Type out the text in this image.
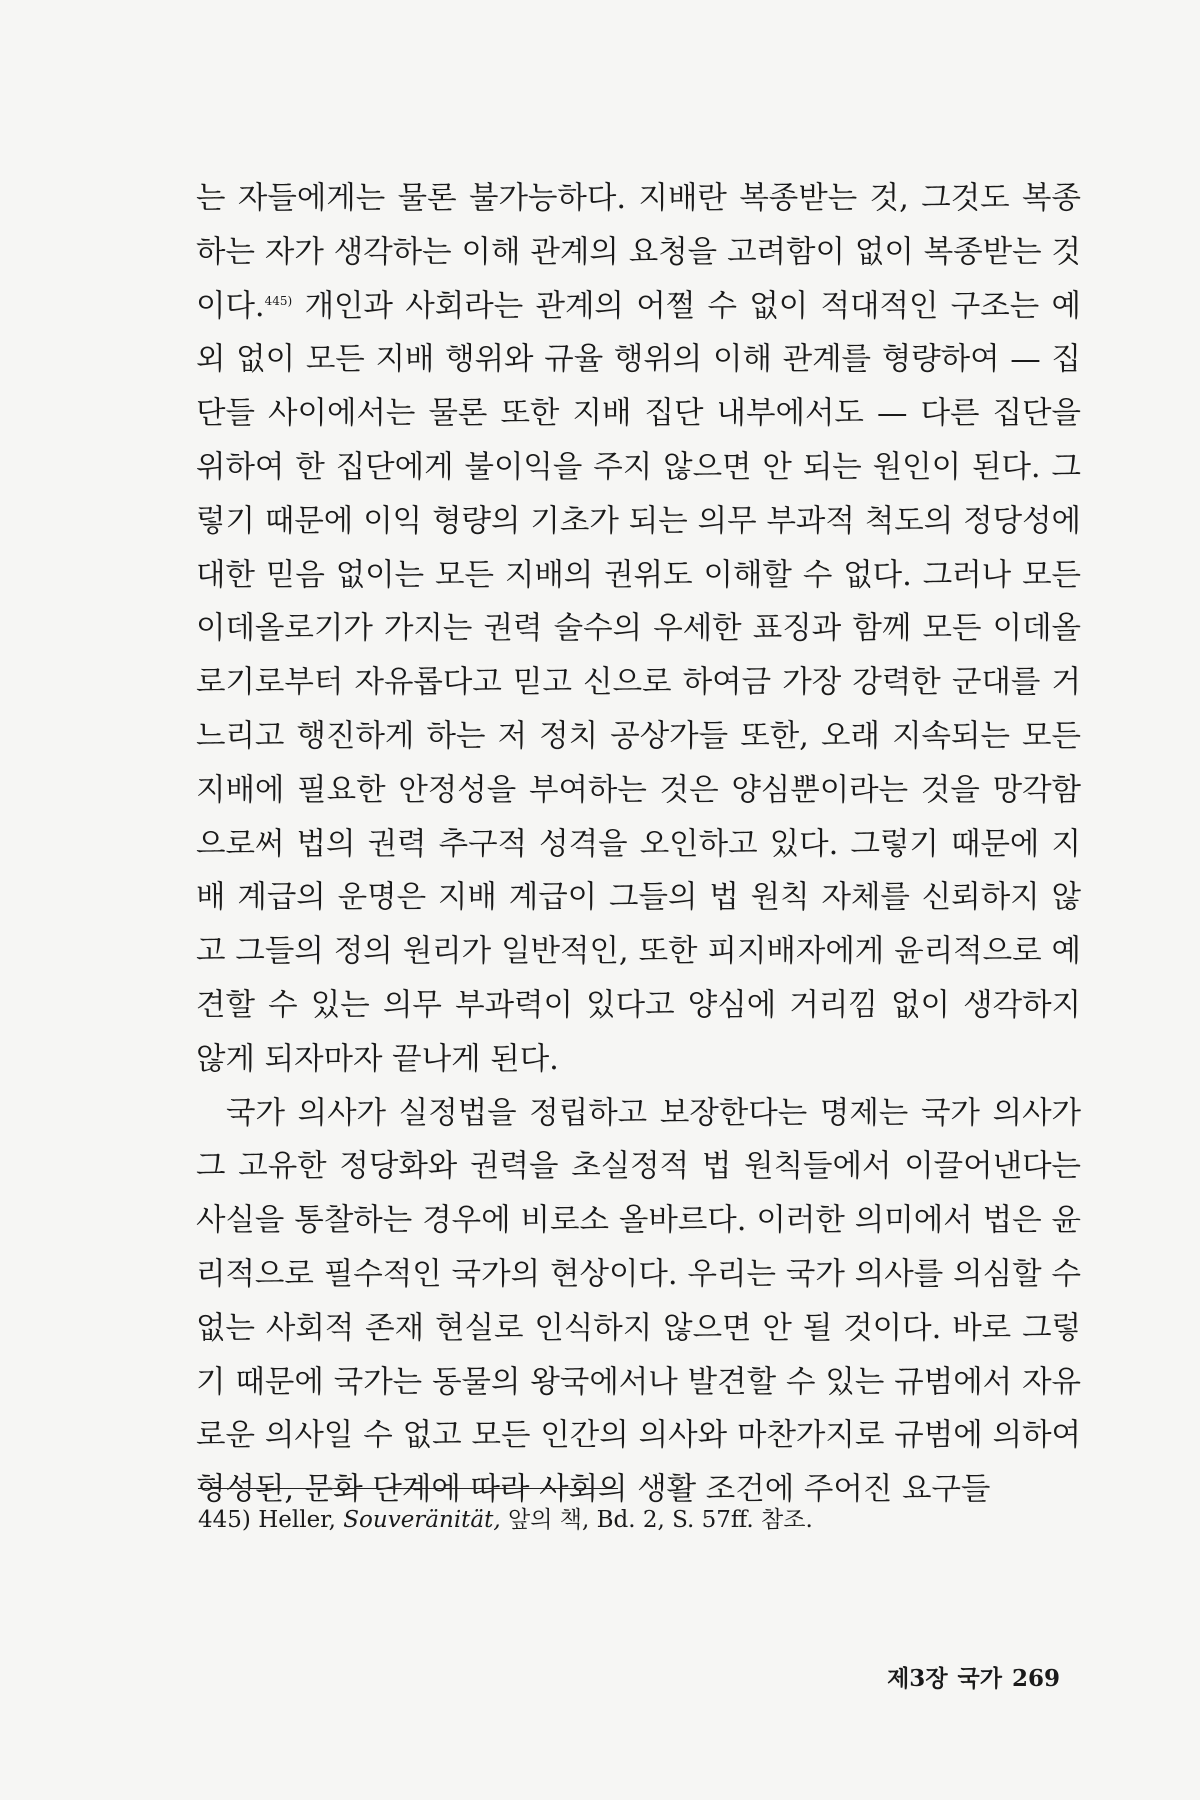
는 자들에게는 물론 불가능하다. 지배란 복종받는 것, 그것도 복종하는 자가 생각하는 이해 관계의 요청을 고려함이 없이 복종받는 것이다.$^{445)}$ 개인과 사회라는 관계의 어쩔 수 없이 적대적인 구조는 예외 없이 모든 지배 행위와 규율 행위의 이해 관계를 형량하여 — 집단들 사이에서는 물론 또한 지배 집단 내부에서도 — 다른 집단을 위하여 한 집단에게 불이익을 주지 않으면 안 되는 원인이 된다. 그렇기 때문에 이익 형량의 기초가 되는 의무 부과적 척도의 정당성에 대한 믿음 없이는 모든 지배의 권위도 이해할 수 없다. 그러나 모든 이데올로기가 가지는 권력 술수의 우세한 표징과 함께 모든 이데올로기로부터 자유롭다고 믿고 신으로 하여금 가장 강력한 군대를 거느리고 행진하게 하는 저 정치 공상가들 또한, 오래 지속되는 모든 지배에 필요한 안정성을 부여하는 것은 양심뿐이라는 것을 망각함으로써 법의 권력 추구적 성격을 오인하고 있다. 그렇기 때문에 지배 계급의 운명은 지배 계급이 그들의 법 원칙 자체를 신뢰하지 않고 그들의 정의 원리가 일반적인, 또한 피지배자에게 윤리적으로 예견할 수 있는 의무 부과력이 있다고 양심에 거리낌 없이 생각하지 않게 되자마자 끝나게 된다.

국가 의사가 실정법을 정립하고 보장한다는 명제는 국가 의사가 그 고유한 정당화와 권력을 초실정적 법 원칙들에서 이끌어낸다는 사실을 통찰하는 경우에 비로소 올바르다. 이러한 의미에서 법은 윤리적으로 필수적인 국가의 현상이다. 우리는 국가 의사를 의심할 수 없는 사회적 존재 현실로 인식하지 않으면 안 될 것이다. 바로 그렇기 때문에 국가는 동물의 왕국에서나 발견할 수 있는 규범에서 자유로운 의사일 수 없고 모든 인간의 의사와 마찬가지로 규범에 의하여 형성된, 문화 단계에 따라 사회의 생활 조건에 주어진 요구들

445) Heller, Souveränität, 앞의 책, Bd. 2, S. 57ff. 참조.
제3장 국가 269
